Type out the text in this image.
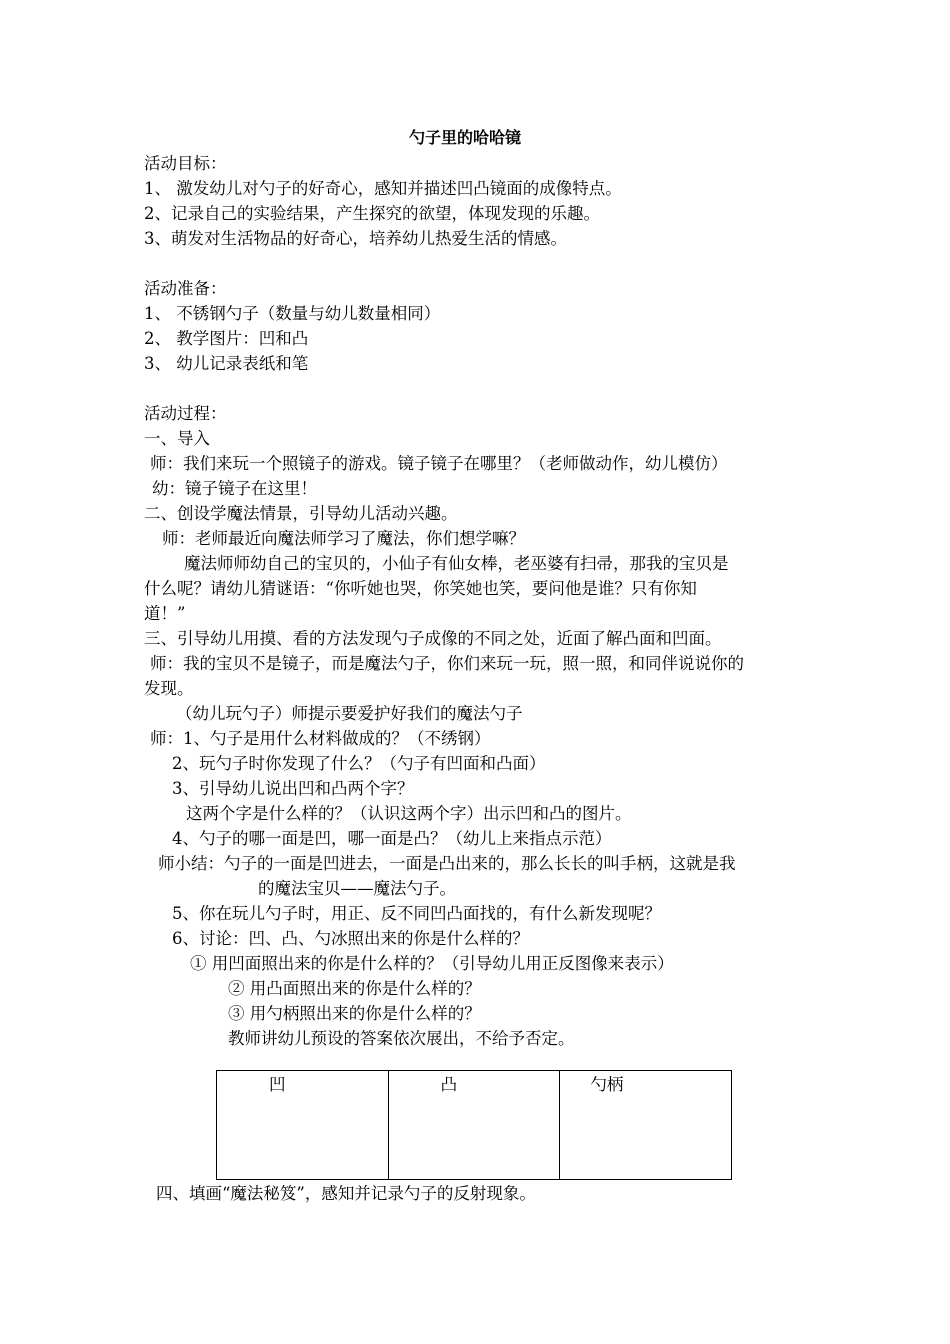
勺子里的哈哈镜
活动目标：
1、 激发幼儿对勺子的好奇心，感知并描述凹凸镜面的成像特点。
2、记录自己的实验结果，产生探究的欲望，体现发现的乐趣。
3、萌发对生活物品的好奇心，培养幼儿热爱生活的情感。
活动准备：
1、 不锈钢勺子（数量与幼儿数量相同）
2、 教学图片：凹和凸
3、 幼儿记录表纸和笔
活动过程：
一、导入
师：我们来玩一个照镜子的游戏。镜子镜子在哪里？（老师做动作，幼儿模仿）
幼：镜子镜子在这里！
二、创设学魔法情景，引导幼儿活动兴趣。
师：老师最近向魔法师学习了魔法，你们想学嘛？
魔法师师幼自己的宝贝的，小仙子有仙女棒，老巫婆有扫帚，那我的宝贝是
什么呢？请幼儿猜谜语：“你听她也哭，你笑她也笑，要问他是谁？只有你知
道！”
三、引导幼儿用摸、看的方法发现勺子成像的不同之处，近面了解凸面和凹面。
师：我的宝贝不是镜子，而是魔法勺子，你们来玩一玩，照一照，和同伴说说你的
发现。
（幼儿玩勺子）师提示要爱护好我们的魔法勺子
师：1、勺子是用什么材料做成的？（不绣钢）
2、玩勺子时你发现了什么？（勺子有凹面和凸面）
3、引导幼儿说出凹和凸两个字？
这两个字是什么样的？（认识这两个字）出示凹和凸的图片。
4、勺子的哪一面是凹，哪一面是凸？（幼儿上来指点示范）
师小结：勺子的一面是凹进去，一面是凸出来的，那么长长的叫手柄，这就是我
的魔法宝贝——魔法勺子。
5、你在玩儿勺子时，用正、反不同凹凸面找的，有什么新发现呢？
6、讨论：凹、凸、勺冰照出来的你是什么样的？
① 用凹面照出来的你是什么样的？（引导幼儿用正反图像来表示）
② 用凸面照出来的你是什么样的？
③ 用勺柄照出来的你是什么样的？
教师讲幼儿预设的答案依次展出，不给予否定。
凹	凸	勺柄
四、填画“魔法秘笈”，感知并记录勺子的反射现象。
